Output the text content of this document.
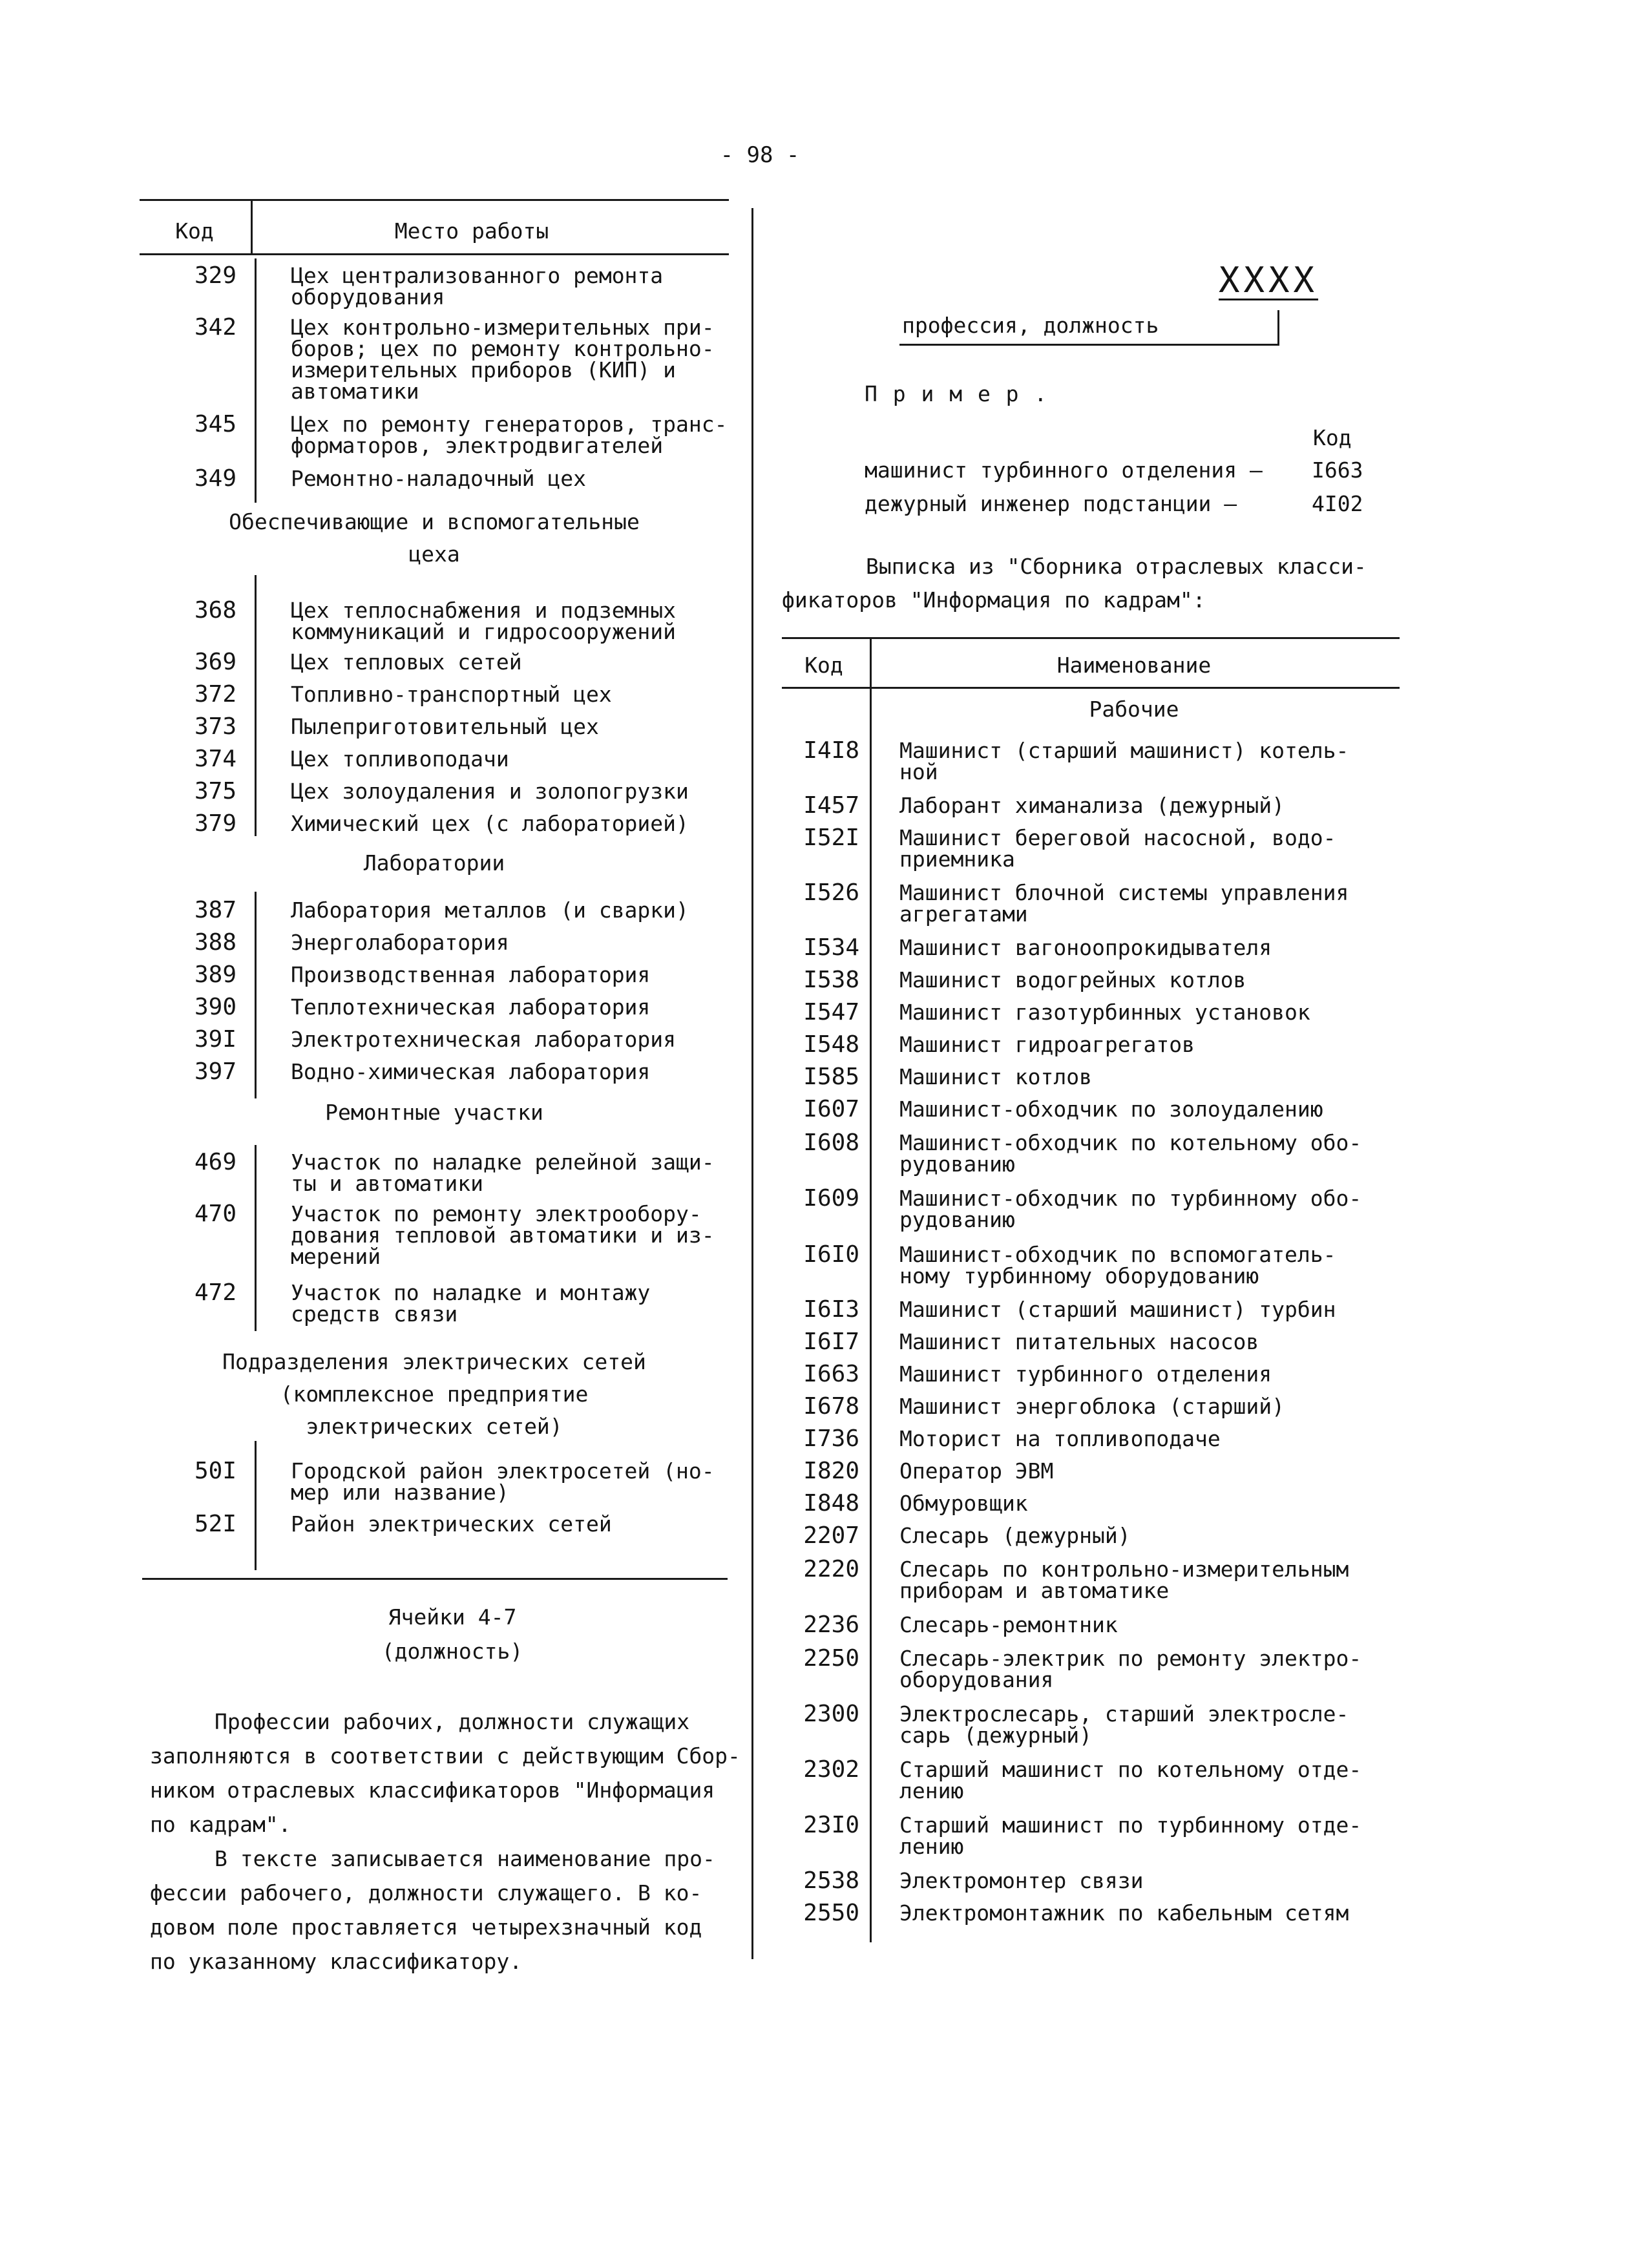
- 98 -
Код	Место работы
329	Цех централизованного ремонта
оборудования
342	Цех контрольно-измерительных при-
боров; цех по ремонту контрольно-
измерительных приборов (КИП) и
автоматики
345	Цех по ремонту генераторов, транс-
форматоров, электродвигателей
349	Ремонтно-наладочный цех
Обеспечивающие и вспомогательные
цеха
368	Цех теплоснабжения и подземных
коммуникаций и гидросооружений
369	Цех тепловых сетей
372	Топливно-транспортный цех
373	Пылеприготовительный цех
374	Цех топливоподачи
375	Цех золоудаления и золопогрузки
379	Химический цех (с лабораторией)
Лаборатории
387	Лаборатория металлов (и сварки)
388	Энерголаборатория
389	Производственная лаборатория
390	Теплотехническая лаборатория
39I	Электротехническая лаборатория
397	Водно-химическая лаборатория
Ремонтные участки
469	Участок по наладке релейной защи-
ты и автоматики
470	Участок по ремонту электрообору-
дования тепловой автоматики и из-
мерений
472	Участок по наладке и монтажу
средств связи
Подразделения электрических сетей
(комплексное предприятие
электрических сетей)
50I	Городской район электросетей (но-
мер или название)
52I	Район электрических сетей
Ячейки 4-7
(должность)
Профессии рабочих, должности служащих
заполняются в соответствии с действующим Сбор-
ником отраслевых классификаторов "Информация
по кадрам".
В тексте записывается наименование про-
фессии рабочего, должности служащего. В ко-
довом поле проставляется четырехзначный код
по указанному классификатору.
XXXX
профессия, должность
П р и м е р .
Код
машинист турбинного отделения – I663
дежурный инженер подстанции –	4I02
Выписка из "Сборника отраслевых класси-
фикаторов "Информация по кадрам":
Код	Наименование
Рабочие
I4I8 Машинист (старший машинист) котель-
ной
I457 Лаборант химанализа (дежурный)
I52I Машинист береговой насосной, водо-
приемника
I526 Машинист блочной системы управления
агрегатами
I534 Машинист вагоноопрокидывателя
I538 Машинист водогрейных котлов
I547 Машинист газотурбинных установок
I548 Машинист гидроагрегатов
I585 Машинист котлов
I607 Машинист-обходчик по золоудалению
I608 Машинист-обходчик по котельному обо-
рудованию
I609 Машинист-обходчик по турбинному обо-
рудованию
I6I0 Машинист-обходчик по вспомогатель-
ному турбинному оборудованию
I6I3 Машинист (старший машинист) турбин
I6I7 Машинист питательных насосов
I663 Машинист турбинного отделения
I678 Машинист энергоблока (старший)
I736 Моторист на топливоподаче
I820 Оператор ЭВМ
I848 Обмуровщик
2207 Слесарь (дежурный)
2220 Слесарь по контрольно-измерительным
приборам и автоматике
2236 Слесарь-ремонтник
2250 Слесарь-электрик по ремонту электро-
оборудования
2300 Электрослесарь, старший электросле-
сарь (дежурный)
2302 Старший машинист по котельному отде-
лению
23I0 Старший машинист по турбинному отде-
лению
2538 Электромонтер связи
2550 Электромонтажник по кабельным сетям
